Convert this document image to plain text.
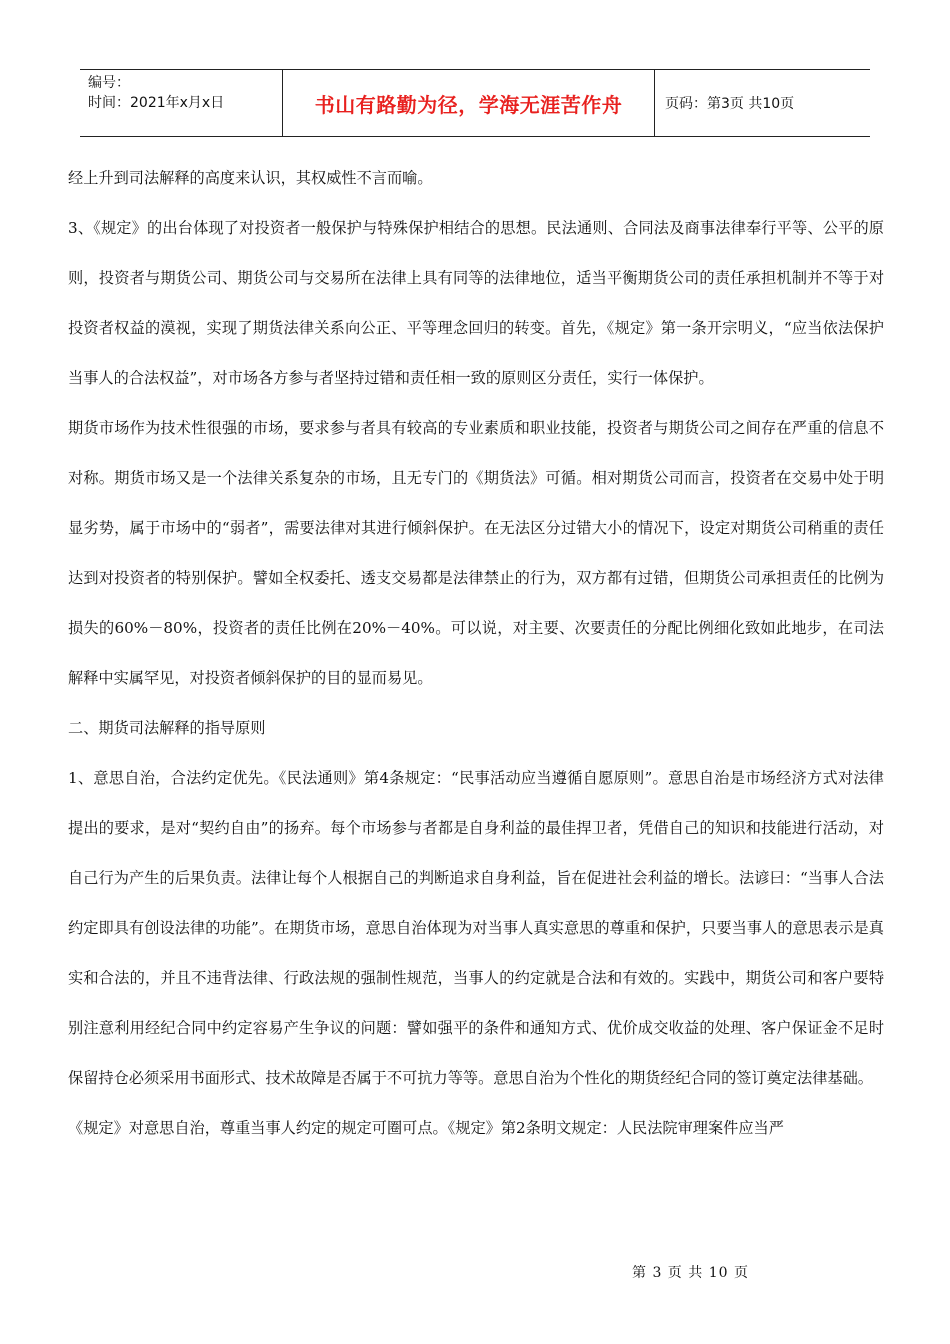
编号：
时间：2021年x月x日	书山有路勤为径，学海无涯苦作舟	页码：第3页 共10页

经上升到司法解释的高度来认识，其权威性不言而喻。

3、《规定》的出台体现了对投资者一般保护与特殊保护相结合的思想。民法通则、合同法及商事法律奉行平等、公平的原则，投资者与期货公司、期货公司与交易所在法律上具有同等的法律地位，适当平衡期货公司的责任承担机制并不等于对投资者权益的漠视，实现了期货法律关系向公正、平等理念回归的转变。首先，《规定》第一条开宗明义，“应当依法保护当事人的合法权益”，对市场各方参与者坚持过错和责任相一致的原则区分责任，实行一体保护。

期货市场作为技术性很强的市场，要求参与者具有较高的专业素质和职业技能，投资者与期货公司之间存在严重的信息不对称。期货市场又是一个法律关系复杂的市场，且无专门的《期货法》可循。相对期货公司而言，投资者在交易中处于明显劣势，属于市场中的“弱者”，需要法律对其进行倾斜保护。在无法区分过错大小的情况下，设定对期货公司稍重的责任达到对投资者的特别保护。譬如全权委托、透支交易都是法律禁止的行为，双方都有过错，但期货公司承担责任的比例为损失的60%－80%，投资者的责任比例在20%－40%。可以说，对主要、次要责任的分配比例细化致如此地步，在司法解释中实属罕见，对投资者倾斜保护的目的显而易见。

二、期货司法解释的指导原则

1、意思自治，合法约定优先。《民法通则》第4条规定：“民事活动应当遵循自愿原则”。意思自治是市场经济方式对法律提出的要求，是对“契约自由”的扬弃。每个市场参与者都是自身利益的最佳捍卫者，凭借自己的知识和技能进行活动，对自己行为产生的后果负责。法律让每个人根据自己的判断追求自身利益，旨在促进社会利益的增长。法谚曰：“当事人合法约定即具有创设法律的功能”。在期货市场，意思自治体现为对当事人真实意思的尊重和保护，只要当事人的意思表示是真实和合法的，并且不违背法律、行政法规的强制性规范，当事人的约定就是合法和有效的。实践中，期货公司和客户要特别注意利用经纪合同中约定容易产生争议的问题：譬如强平的条件和通知方式、优价成交收益的处理、客户保证金不足时保留持仓必须采用书面形式、技术故障是否属于不可抗力等等。意思自治为个性化的期货经纪合同的签订奠定法律基础。

《规定》对意思自治，尊重当事人约定的规定可圈可点。《规定》第2条明文规定：人民法院审理案件应当严

第 3 页 共 10 页
